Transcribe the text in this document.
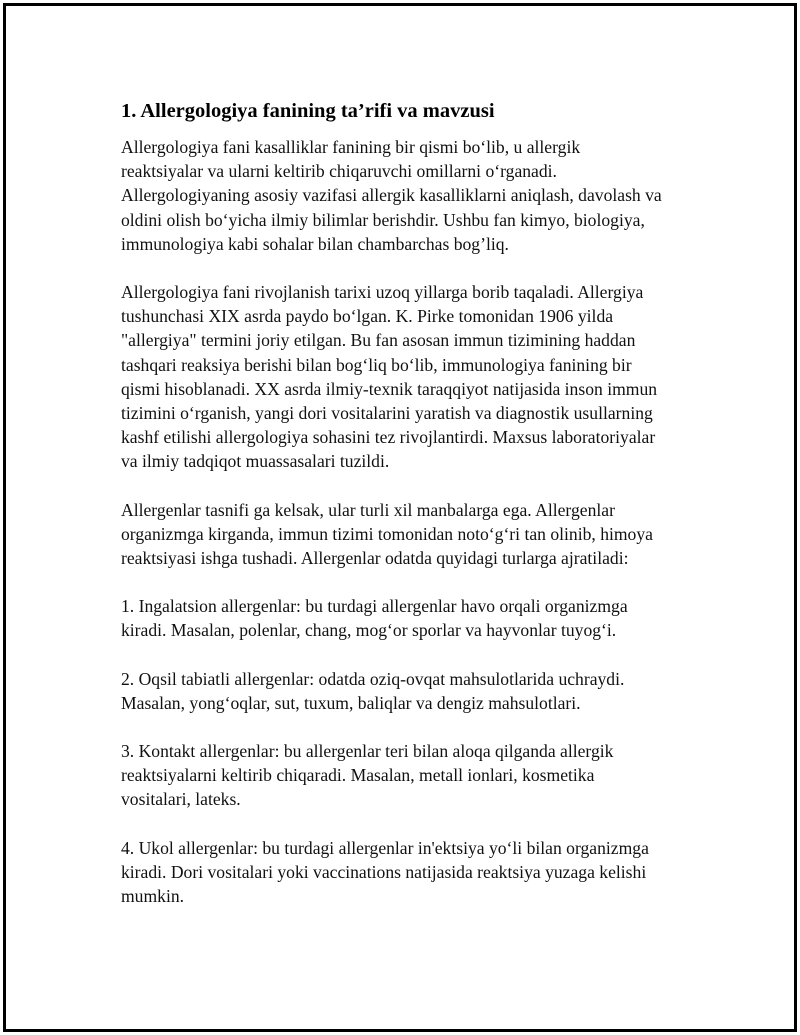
1. Allergologiya fanining ta’rifi va mavzusi

Allergologiya fani kasalliklar fanining bir qismi bo‘lib, u allergik
reaktsiyalar va ularni keltirib chiqaruvchi omillarni o‘rganadi.
Allergologiyaning asosiy vazifasi allergik kasalliklarni aniqlash, davolash va
oldini olish bo‘yicha ilmiy bilimlar berishdir. Ushbu fan kimyo, biologiya,
immunologiya kabi sohalar bilan chambarchas bog’liq.

Allergologiya fani rivojlanish tarixi uzoq yillarga borib taqaladi. Allergiya
tushunchasi XIX asrda paydo bo‘lgan. K. Pirke tomonidan 1906 yilda
"allergiya" termini joriy etilgan. Bu fan asosan immun tizimining haddan
tashqari reaksiya berishi bilan bog‘liq bo‘lib, immunologiya fanining bir
qismi hisoblanadi. XX asrda ilmiy-texnik taraqqiyot natijasida inson immun
tizimini o‘rganish, yangi dori vositalarini yaratish va diagnostik usullarning
kashf etilishi allergologiya sohasini tez rivojlantirdi. Maxsus laboratoriyalar
va ilmiy tadqiqot muassasalari tuzildi.

Allergenlar tasnifi ga kelsak, ular turli xil manbalarga ega. Allergenlar
organizmga kirganda, immun tizimi tomonidan noto‘g‘ri tan olinib, himoya
reaktsiyasi ishga tushadi. Allergenlar odatda quyidagi turlarga ajratiladi:

1. Ingalatsion allergenlar: bu turdagi allergenlar havo orqali organizmga
kiradi. Masalan, polenlar, chang, mog‘or sporlar va hayvonlar tuyog‘i.

2. Oqsil tabiatli allergenlar: odatda oziq-ovqat mahsulotlarida uchraydi.
Masalan, yong‘oqlar, sut, tuxum, baliqlar va dengiz mahsulotlari.

3. Kontakt allergenlar: bu allergenlar teri bilan aloqa qilganda allergik
reaktsiyalarni keltirib chiqaradi. Masalan, metall ionlari, kosmetika
vositalari, lateks.

4. Ukol allergenlar: bu turdagi allergenlar in'ektsiya yo‘li bilan organizmga
kiradi. Dori vositalari yoki vaccinations natijasida reaktsiya yuzaga kelishi
mumkin.
